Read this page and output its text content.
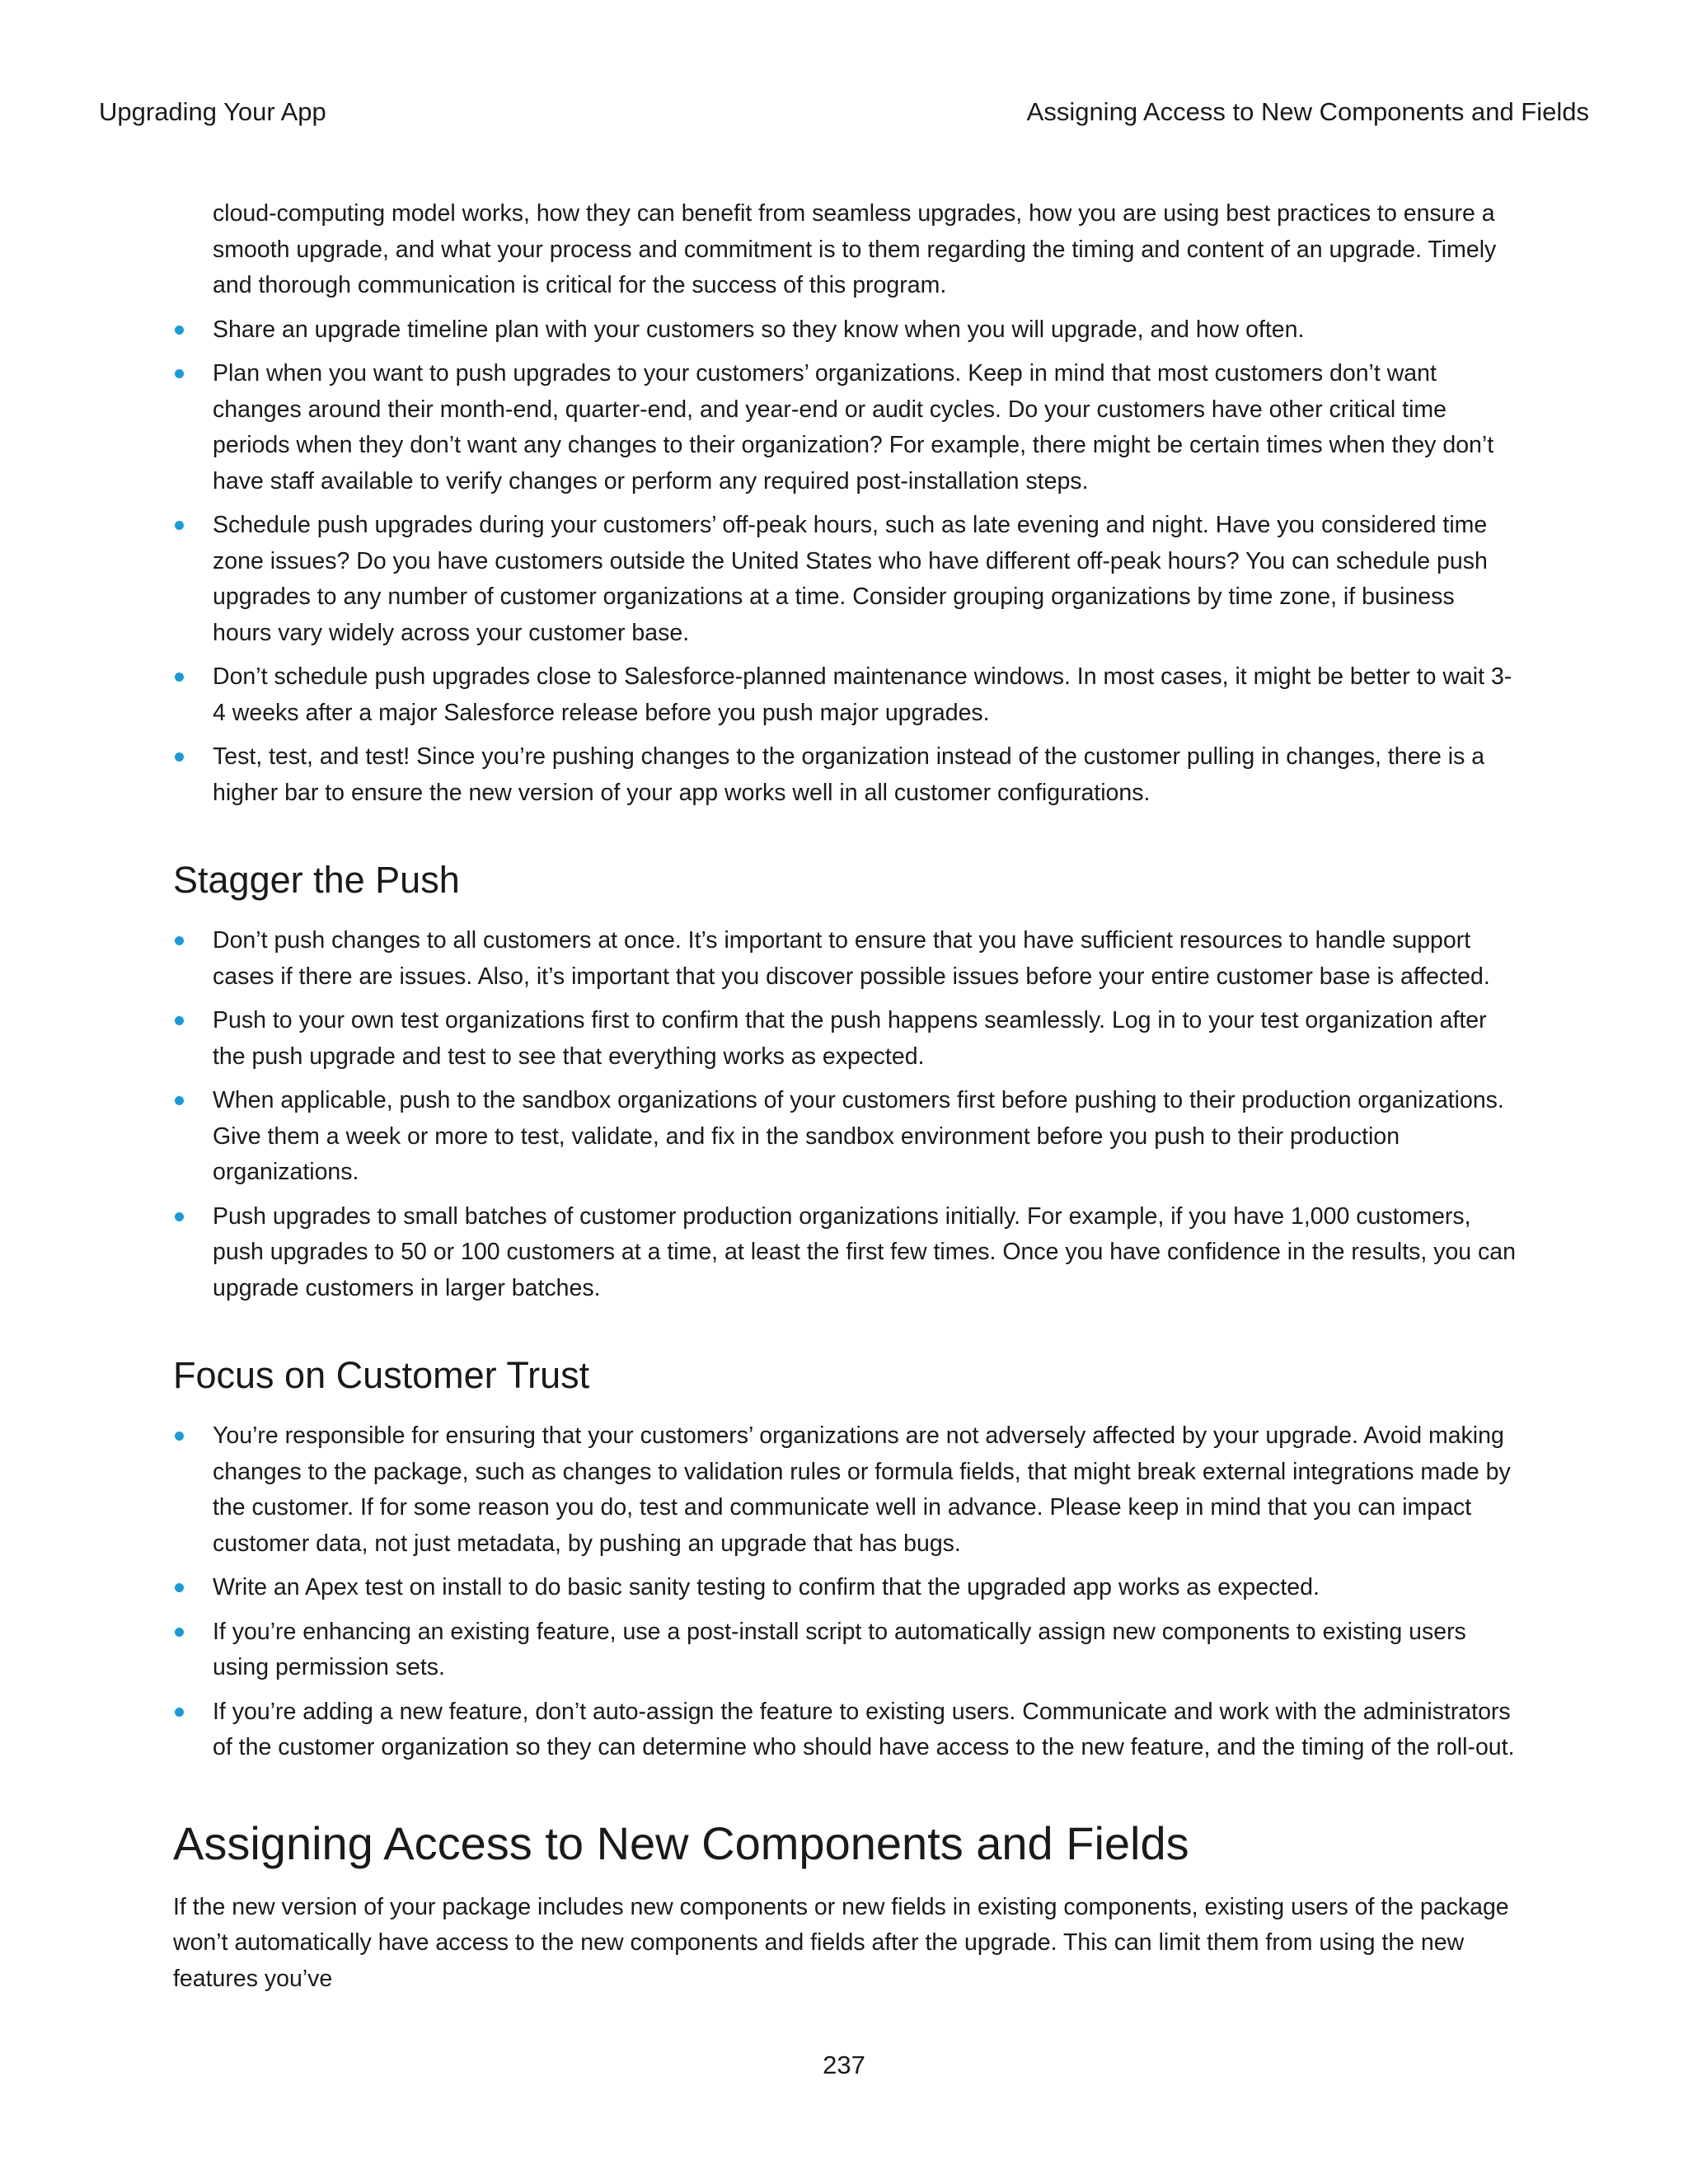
Upgrading Your App	Assigning Access to New Components and Fields

cloud-computing model works, how they can benefit from seamless upgrades, how you are using best practices to ensure a smooth upgrade, and what your process and commitment is to them regarding the timing and content of an upgrade. Timely and thorough communication is critical for the success of this program.

Share an upgrade timeline plan with your customers so they know when you will upgrade, and how often.
Plan when you want to push upgrades to your customers’ organizations. Keep in mind that most customers don’t want changes around their month-end, quarter-end, and year-end or audit cycles. Do your customers have other critical time periods when they don’t want any changes to their organization? For example, there might be certain times when they don’t have staff available to verify changes or perform any required post-installation steps.
Schedule push upgrades during your customers’ off-peak hours, such as late evening and night. Have you considered time zone issues? Do you have customers outside the United States who have different off-peak hours? You can schedule push upgrades to any number of customer organizations at a time. Consider grouping organizations by time zone, if business hours vary widely across your customer base.
Don’t schedule push upgrades close to Salesforce-planned maintenance windows. In most cases, it might be better to wait 3-4 weeks after a major Salesforce release before you push major upgrades.
Test, test, and test! Since you’re pushing changes to the organization instead of the customer pulling in changes, there is a higher bar to ensure the new version of your app works well in all customer configurations.
Stagger the Push
Don’t push changes to all customers at once. It’s important to ensure that you have sufficient resources to handle support cases if there are issues. Also, it’s important that you discover possible issues before your entire customer base is affected.
Push to your own test organizations first to confirm that the push happens seamlessly. Log in to your test organization after the push upgrade and test to see that everything works as expected.
When applicable, push to the sandbox organizations of your customers first before pushing to their production organizations. Give them a week or more to test, validate, and fix in the sandbox environment before you push to their production organizations.
Push upgrades to small batches of customer production organizations initially. For example, if you have 1,000 customers, push upgrades to 50 or 100 customers at a time, at least the first few times. Once you have confidence in the results, you can upgrade customers in larger batches.
Focus on Customer Trust
You’re responsible for ensuring that your customers’ organizations are not adversely affected by your upgrade. Avoid making changes to the package, such as changes to validation rules or formula fields, that might break external integrations made by the customer. If for some reason you do, test and communicate well in advance. Please keep in mind that you can impact customer data, not just metadata, by pushing an upgrade that has bugs.
Write an Apex test on install to do basic sanity testing to confirm that the upgraded app works as expected.
If you’re enhancing an existing feature, use a post-install script to automatically assign new components to existing users using permission sets.
If you’re adding a new feature, don’t auto-assign the feature to existing users. Communicate and work with the administrators of the customer organization so they can determine who should have access to the new feature, and the timing of the roll-out.
Assigning Access to New Components and Fields

If the new version of your package includes new components or new fields in existing components, existing users of the package won’t automatically have access to the new components and fields after the upgrade. This can limit them from using the new features you’ve

237
